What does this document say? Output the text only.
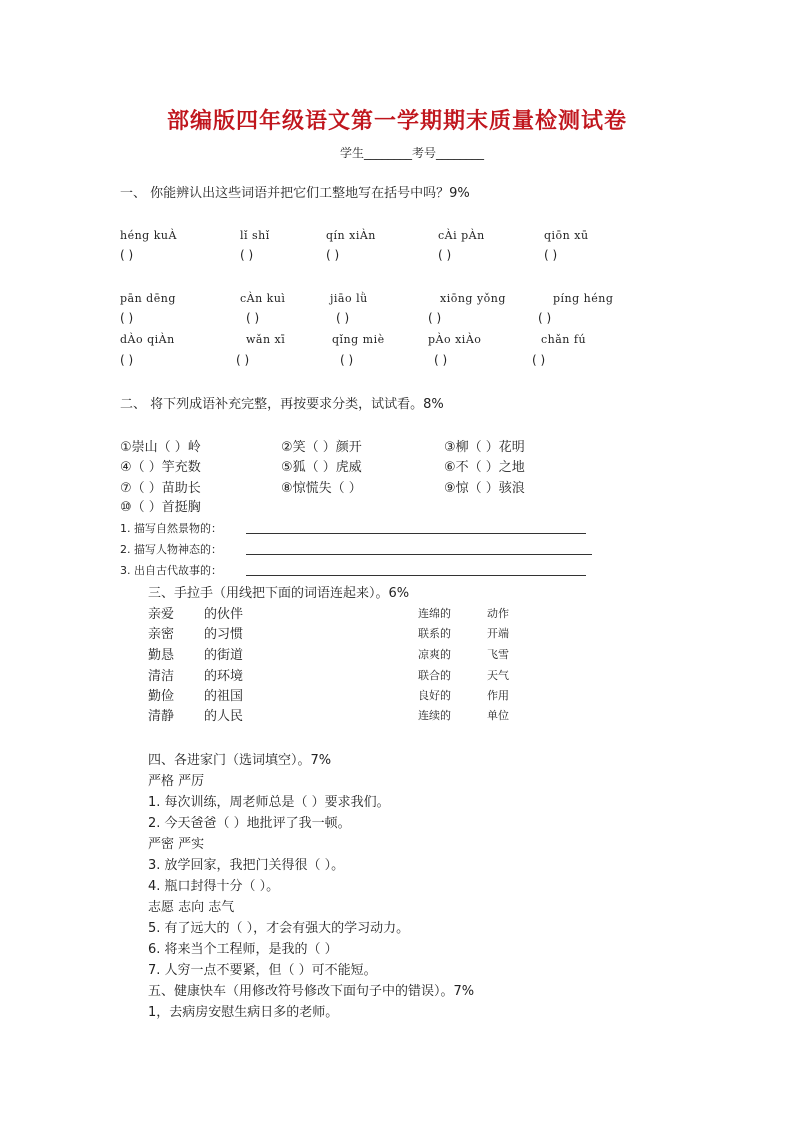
部编版四年级语文第一学期期末质量检测试卷
学生________考号________
一、 你能辨认出这些词语并把它们工整地写在括号中吗？9%
héng kuÀ	lǐ shǐ	qín xiÀn	cÀi pÀn	qiōn xū
( )	( )	( )	( )	( )
pān dēng	cÀn kuì	jiāo lǜ	xiōng yǒng	píng héng
( )	( )	( )	( )	( )
dÀo qiÀn	wǎn xī	qǐng miè	pÀo xiÀo	chǎn fú
( )	( )	( )	( )	( )
二、 将下列成语补充完整，再按要求分类，试试看。8%
①崇山（ ）岭	②笑（ ）颜开	③柳（ ）花明
④（ ）竽充数	⑤狐（ ）虎威	⑥不（ ）之地
⑦（ ）苗助长	⑧惊慌失（ ）	⑨惊（ ）骇浪
⑩（ ）首挺胸
1. 描写自然景物的：
2. 描写人物神态的：
3. 出自古代故事的：
三、手拉手（用线把下面的词语连起来）。6%
亲爱 的伙伴
亲密 的习惯
勤恳 的街道
清洁 的环境
勤俭 的祖国
清静 的人民
连绵的	动作
联系的	开端
凉爽的	飞雪
联合的	天气
良好的	作用
连续的	单位
四、各进家门（选词填空）。7%
严格 严厉
1. 每次训练，周老师总是（ ）要求我们。
2. 今天爸爸（ ）地批评了我一顿。
严密 严实
3. 放学回家，我把门关得很（ ）。
4. 瓶口封得十分（ ）。
志愿 志向 志气
5. 有了远大的（ ），才会有强大的学习动力。
6. 将来当个工程师，是我的（ ）
7. 人穷一点不要紧，但（ ）可不能短。
五、健康快车（用修改符号修改下面句子中的错误）。7%
1，去病房安慰生病日多的老师。
